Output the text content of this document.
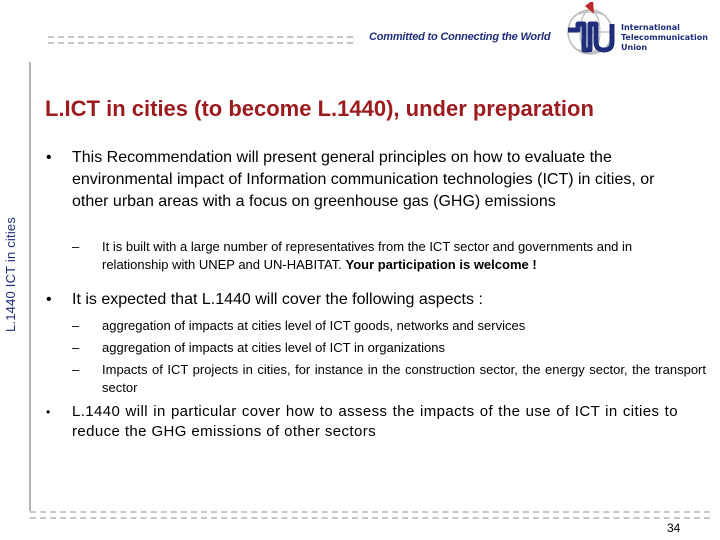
Committed to Connecting the World
International
Telecommunication
Union
L.1440 ICT in cities
L.ICT in cities (to become L.1440), under preparation
•	This Recommendation will present general principles on how to evaluate the environmental impact of Information communication technologies (ICT) in cities, or other urban areas with a focus on greenhouse gas (GHG) emissions
–	It is built with a large number of representatives from the ICT sector and governments and in relationship with UNEP and UN-HABITAT. Your participation is welcome !
•	It is expected that L.1440 will cover the following aspects :
–	aggregation of impacts at cities level of ICT goods, networks and services
–	aggregation of impacts at cities level of ICT in organizations
–	Impacts of ICT projects in cities, for instance in the construction sector, the energy sector, the transport sector
•	L.1440 will in particular cover how to assess the impacts of the use of ICT in cities to reduce the GHG emissions of other sectors
34
